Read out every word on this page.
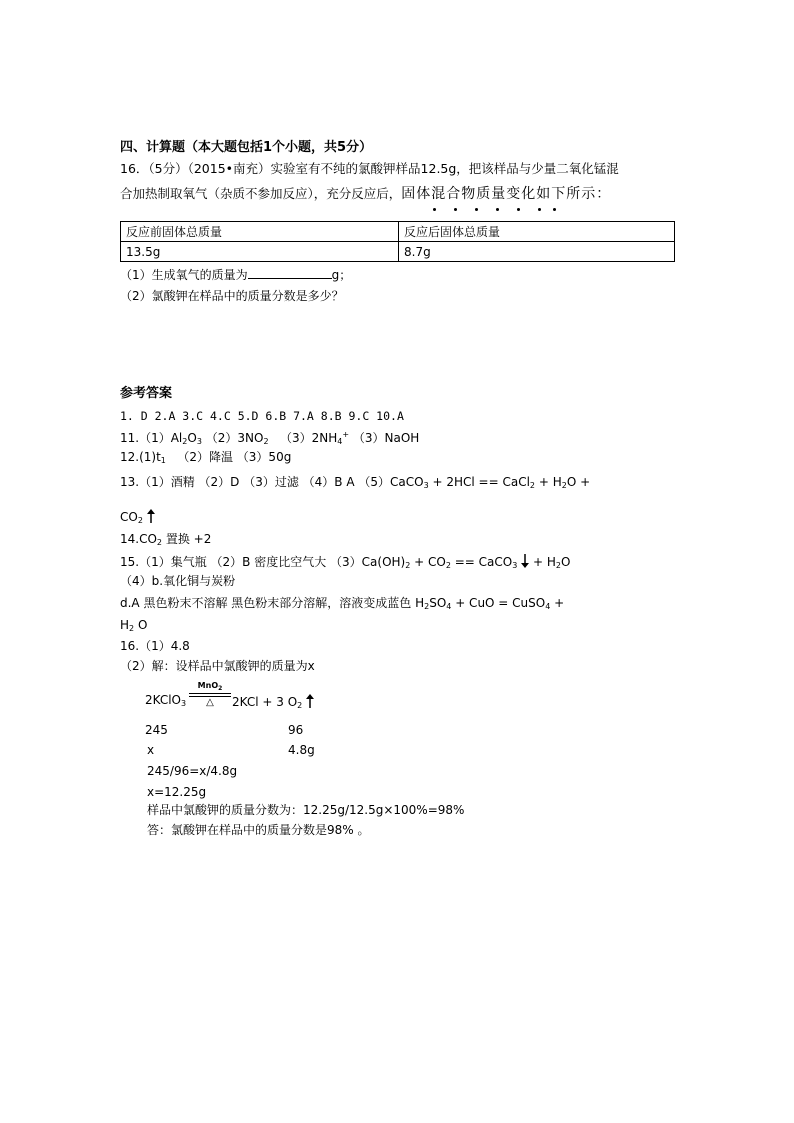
四、计算题（本大题包括1个小题，共5分）
16．（5分）（2015•南充）实验室有不纯的氯酸钾样品12.5g，把该样品与少量二氧化锰混
合加热制取氧气（杂质不参加反应），充分反应后，固体混合物质量变化如下所示：
反应前固体总质量	反应后固体总质量
13.5g	8.7g
（1）生成氧气的质量为	g；
（2）氯酸钾在样品中的质量分数是多少？
参考答案
1. D 2.A 3.C 4.C 5.D 6.B 7.A 8.B 9.C 10.A
$11.(1)Al_2O_3$ $(2)3NO_2$ $(3)2NH_4^+$ （3）NaOH
$12.(1)t_1$ （2）降温 （3）50g
13.（1）酒精 （2）D （3）过滤 （4）B A （5）CaCO$_3$ + 2HCl == CaCl$_2$ + $H_2O$ +
$CO_2$
$14.CO_2$ 置换 +2
15.（1）集气瓶 （2）B 密度比空气大 $(3)Ca(OH)_2 + CO_2$ == CaCO$_3$ + $H_2O$
（4）b.氧化铜与炭粉
d.A 黑色粉末不溶解 黑色粉末部分溶解，溶液变成蓝色 $H_2SO_4$ + CuO = CuSO$_4$ +
$H_2$ O
16.（1）4.8
（2）解：设样品中氯酸钾的质量为x
2KClO$_3$
MnO$_2$
△	2KCl + 3 $O_2$
245	96
x	4.8g
245/96=x/4.8g
x=12.25g
样品中氯酸钾的质量分数为：12.25g/12.5g×100%=98%
答：氯酸钾在样品中的质量分数是98% 。
